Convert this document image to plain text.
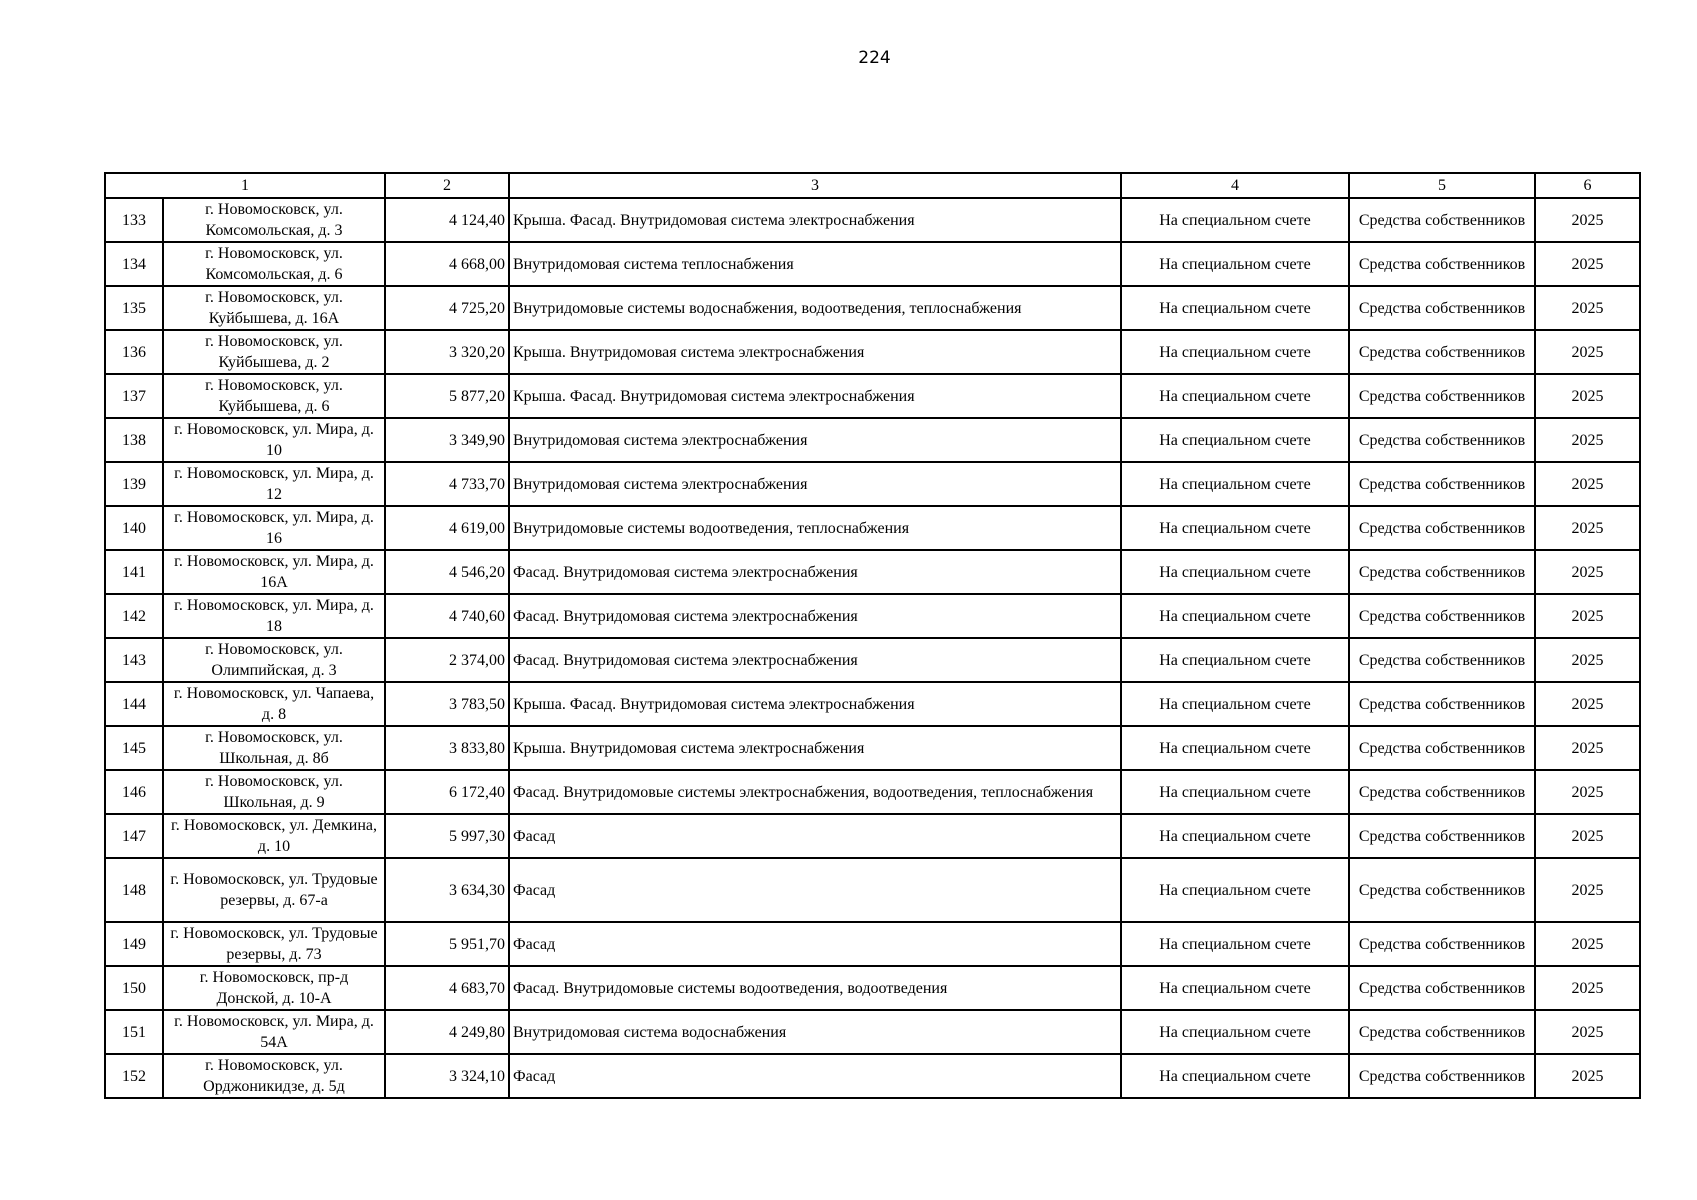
224
1		2	3	4	5	6
133	г. Новомосковск, ул. Комсомольская, д. 3	4 124,40	Крыша. Фасад. Внутридомовая система электроснабжения	На специальном счете	Средства собственников	2025
134	г. Новомосковск, ул. Комсомольская, д. 6	4 668,00	Внутридомовая система теплоснабжения	На специальном счете	Средства собственников	2025
135	г. Новомосковск, ул. Куйбышева, д. 16А	4 725,20	Внутридомовые системы водоснабжения, водоотведения, теплоснабжения	На специальном счете	Средства собственников	2025
136	г. Новомосковск, ул. Куйбышева, д. 2	3 320,20	Крыша. Внутридомовая система электроснабжения	На специальном счете	Средства собственников	2025
137	г. Новомосковск, ул. Куйбышева, д. 6	5 877,20	Крыша. Фасад. Внутридомовая система электроснабжения	На специальном счете	Средства собственников	2025
138	г. Новомосковск, ул. Мира, д. 10	3 349,90	Внутридомовая система электроснабжения	На специальном счете	Средства собственников	2025
139	г. Новомосковск, ул. Мира, д. 12	4 733,70	Внутридомовая система электроснабжения	На специальном счете	Средства собственников	2025
140	г. Новомосковск, ул. Мира, д. 16	4 619,00	Внутридомовые системы водоотведения, теплоснабжения	На специальном счете	Средства собственников	2025
141	г. Новомосковск, ул. Мира, д. 16А	4 546,20	Фасад. Внутридомовая система электроснабжения	На специальном счете	Средства собственников	2025
142	г. Новомосковск, ул. Мира, д. 18	4 740,60	Фасад. Внутридомовая система электроснабжения	На специальном счете	Средства собственников	2025
143	г. Новомосковск, ул. Олимпийская, д. 3	2 374,00	Фасад. Внутридомовая система электроснабжения	На специальном счете	Средства собственников	2025
144	г. Новомосковск, ул. Чапаева, д. 8	3 783,50	Крыша. Фасад. Внутридомовая система электроснабжения	На специальном счете	Средства собственников	2025
145	г. Новомосковск, ул. Школьная, д. 8б	3 833,80	Крыша. Внутридомовая система электроснабжения	На специальном счете	Средства собственников	2025
146	г. Новомосковск, ул. Школьная, д. 9	6 172,40	Фасад. Внутридомовые системы электроснабжения, водоотведения, теплоснабжения	На специальном счете	Средства собственников	2025
147	г. Новомосковск, ул. Демкина, д. 10	5 997,30	Фасад	На специальном счете	Средства собственников	2025
148	г. Новомосковск, ул. Трудовые резервы, д. 67-а	3 634,30	Фасад	На специальном счете	Средства собственников	2025
149	г. Новомосковск, ул. Трудовые резервы, д. 73	5 951,70	Фасад	На специальном счете	Средства собственников	2025
150	г. Новомосковск, пр-д Донской, д. 10-А	4 683,70	Фасад. Внутридомовые системы водоотведения, водоотведения	На специальном счете	Средства собственников	2025
151	г. Новомосковск, ул. Мира, д. 54А	4 249,80	Внутридомовая система водоснабжения	На специальном счете	Средства собственников	2025
152	г. Новомосковск, ул. Орджоникидзе, д. 5д	3 324,10	Фасад	На специальном счете	Средства собственников	2025
